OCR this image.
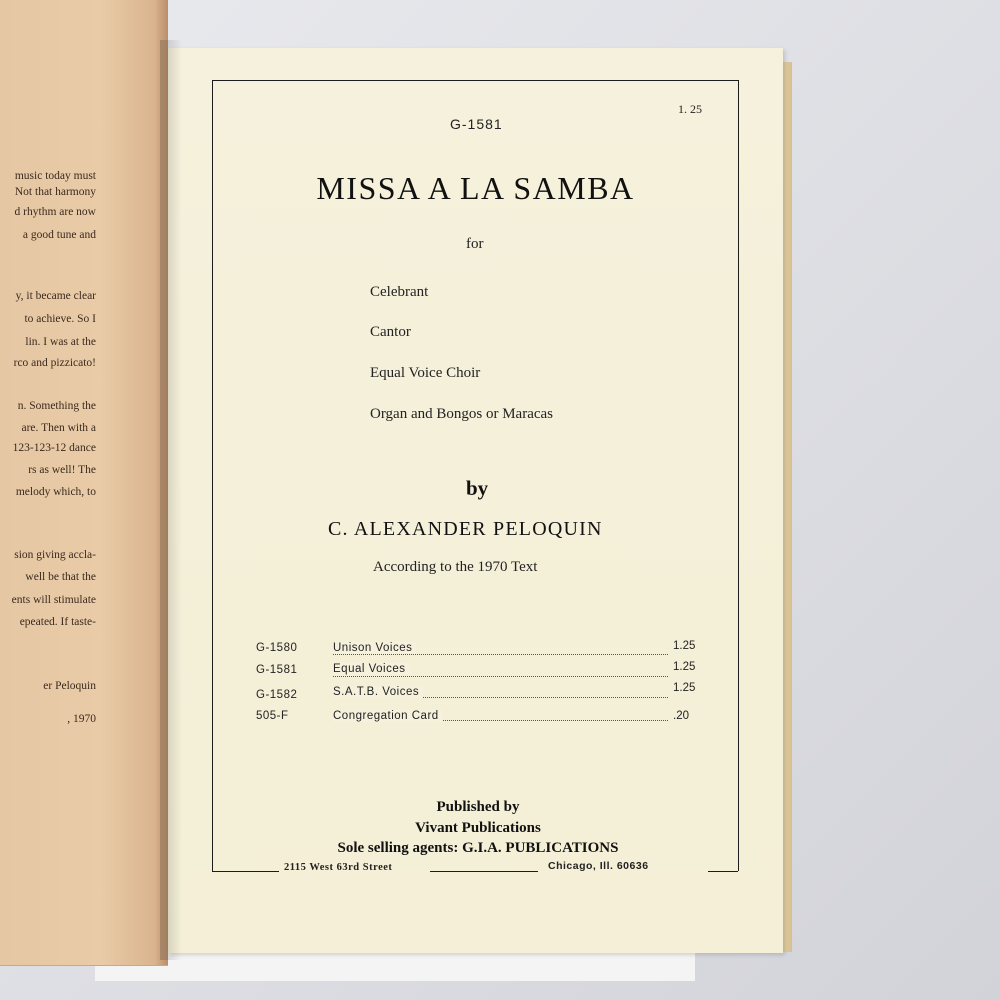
music today must
Not that harmony
d rhythm are now
a good tune and
y, it became clear
to achieve. So I
lin. I was at the
rco and pizzicato!
n. Something the
are. Then with a
123-123-12 dance
rs as well! The
melody which, to
sion giving accla-
well be that the
ents will stimulate
epeated. If taste-
er Peloquin
, 1970
G-1581
1. 25
MISSA A LA SAMBA
for
Celebrant
Cantor
Equal Voice Choir
Organ and Bongos or Maracas
by
C. ALEXANDER PELOQUIN
According to the 1970 Text
G-1580	Unison Voices	1.25
G-1581	Equal Voices	1.25
G-1582	S.A.T.B. Voices	1.25
505-F	Congregation Card	.20
Published by
Vivant Publications
Sole selling agents: G.I.A. PUBLICATIONS
2115 West 63rd Street	Chicago, Ill. 60636
